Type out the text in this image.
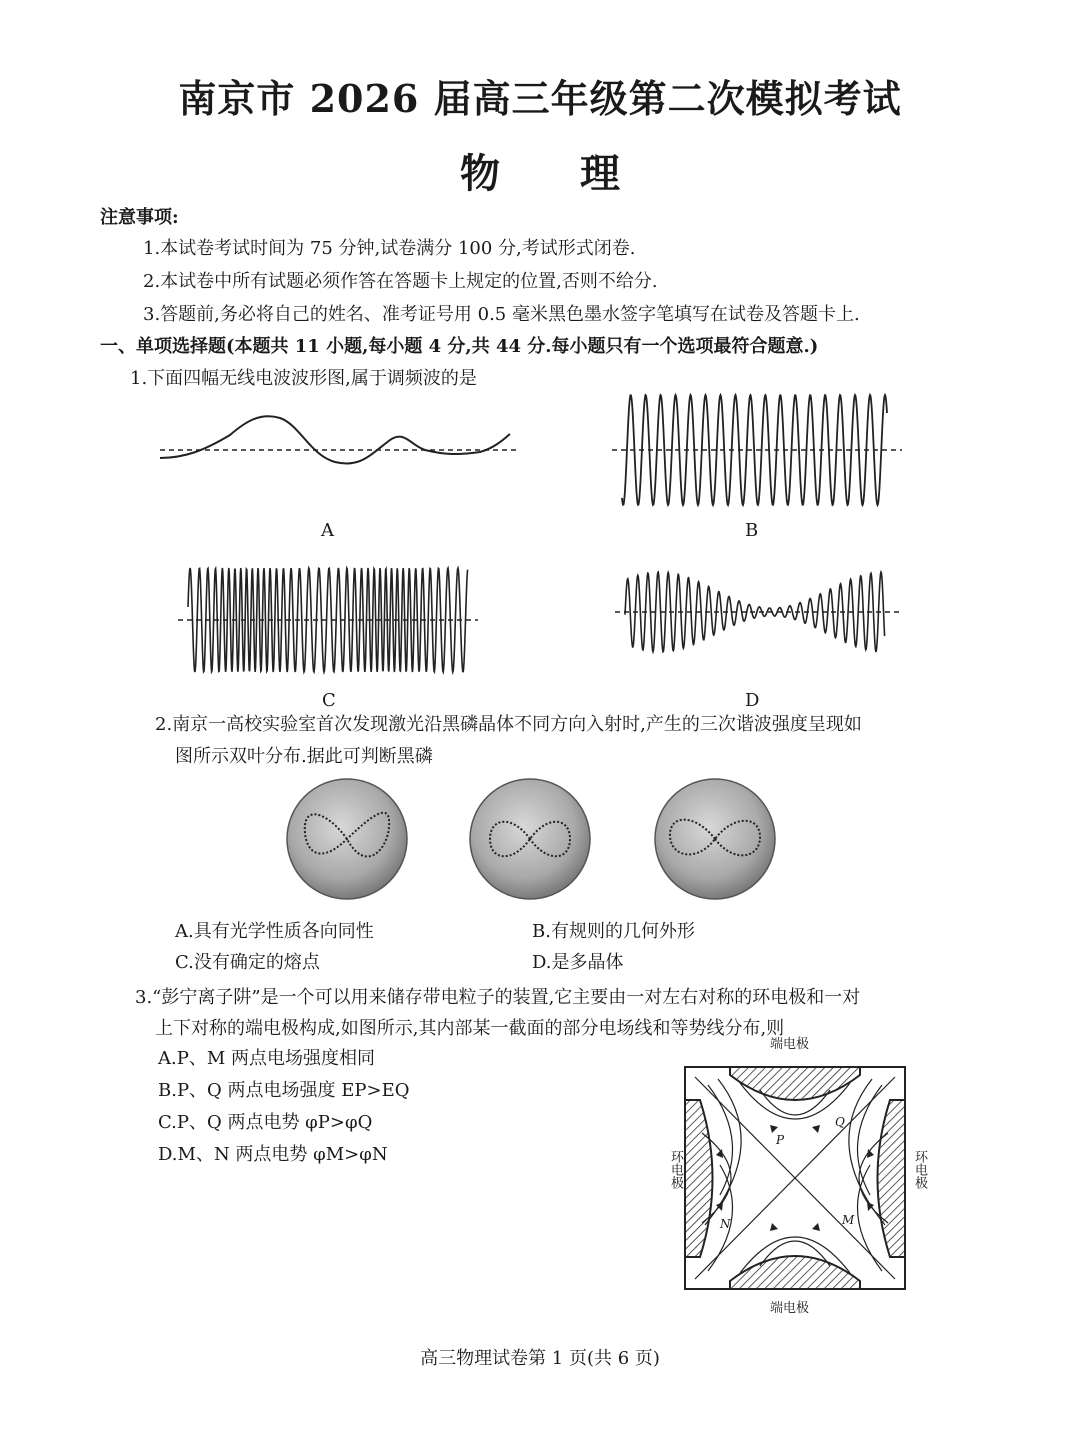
南京市 2026 届高三年级第二次模拟考试
物理
注意事项:
1.本试卷考试时间为 75 分钟,试卷满分 100 分,考试形式闭卷.
2.本试卷中所有试题必须作答在答题卡上规定的位置,否则不给分.
3.答题前,务必将自己的姓名、准考证号用 0.5 毫米黑色墨水签字笔填写在试卷及答题卡上.
一、单项选择题(本题共 11 小题,每小题 4 分,共 44 分.每小题只有一个选项最符合题意.)
1.下面四幅无线电波波形图,属于调频波的是
A	B
C	D
2.南京一高校实验室首次发现激光沿黑磷晶体不同方向入射时,产生的三次谐波强度呈现如
图所示双叶分布.据此可判断黑磷
A.具有光学性质各向同性	B.有规则的几何外形
C.没有确定的熔点	D.是多晶体
3.“彭宁离子阱”是一个可以用来储存带电粒子的装置,它主要由一对左右对称的环电极和一对
上下对称的端电极构成,如图所示,其内部某一截面的部分电场线和等势线分布,则
A.P、M 两点电场强度相同
B.P、Q 两点电场强度 EP>EQ
C.P、Q 两点电势 φP>φQ
D.M、N 两点电势 φM>φN
端电极
端电极
环电极	环电极
P
Q
M
N
高三物理试卷第 1 页(共 6 页)
